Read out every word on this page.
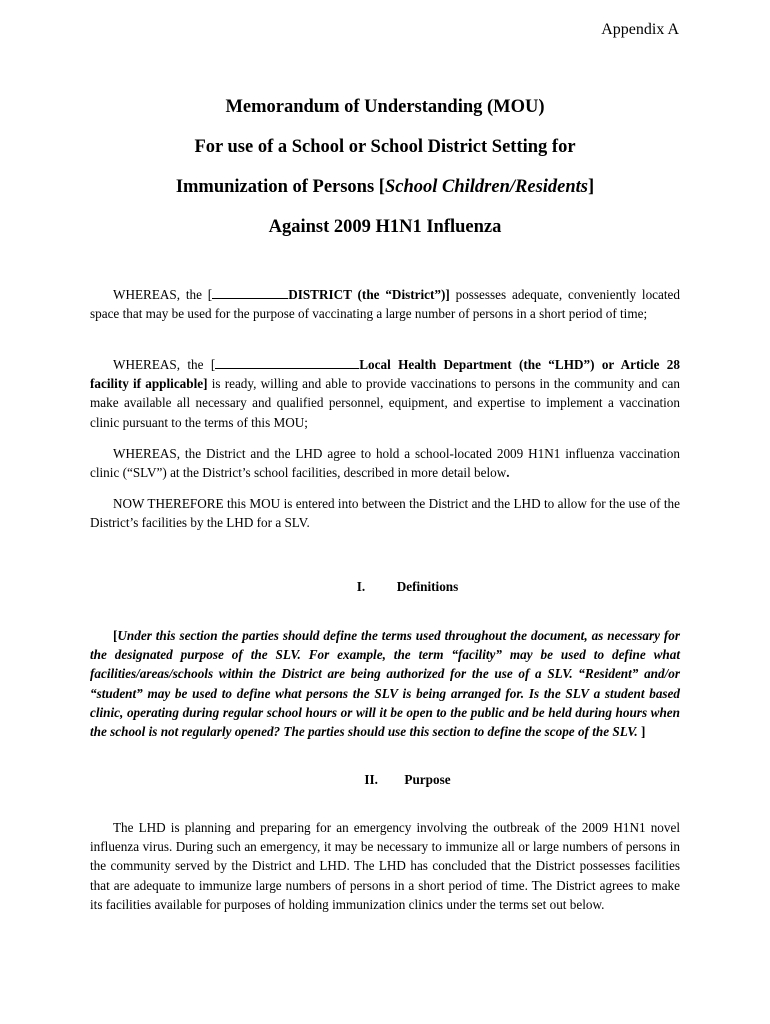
Appendix A
Memorandum of Understanding (MOU)
For use of a School or School District Setting for
Immunization of Persons [School Children/Residents]
Against 2009 H1N1 Influenza

WHEREAS, the [	DISTRICT (the “District”)] possesses adequate, conveniently located space that may be used for the purpose of vaccinating a large number of persons in a short period of time;

WHEREAS, the [	Local Health Department (the “LHD”) or Article 28 facility if applicable] is ready, willing and able to provide vaccinations to persons in the community and can make available all necessary and qualified personnel, equipment, and expertise to implement a vaccination clinic pursuant to the terms of this MOU;

WHEREAS, the District and the LHD agree to hold a school-located 2009 H1N1 influenza vaccination clinic (“SLV”) at the District’s school facilities, described in more detail below.

NOW THEREFORE this MOU is entered into between the District and the LHD to allow for the use of the District’s facilities by the LHD for a SLV.

I. Definitions

[Under this section the parties should define the terms used throughout the document, as necessary for the designated purpose of the SLV. For example, the term “facility” may be used to define what facilities/areas/schools within the District are being authorized for the use of a SLV. “Resident” and/or “student” may be used to define what persons the SLV is being arranged for. Is the SLV a student based clinic, operating during regular school hours or will it be open to the public and be held during hours when the school is not regularly opened? The parties should use this section to define the scope of the SLV. ]

II. Purpose

The LHD is planning and preparing for an emergency involving the outbreak of the 2009 H1N1 novel influenza virus. During such an emergency, it may be necessary to immunize all or large numbers of persons in the community served by the District and LHD. The LHD has concluded that the District possesses facilities that are adequate to immunize large numbers of persons in a short period of time. The District agrees to make its facilities available for purposes of holding immunization clinics under the terms set out below.
